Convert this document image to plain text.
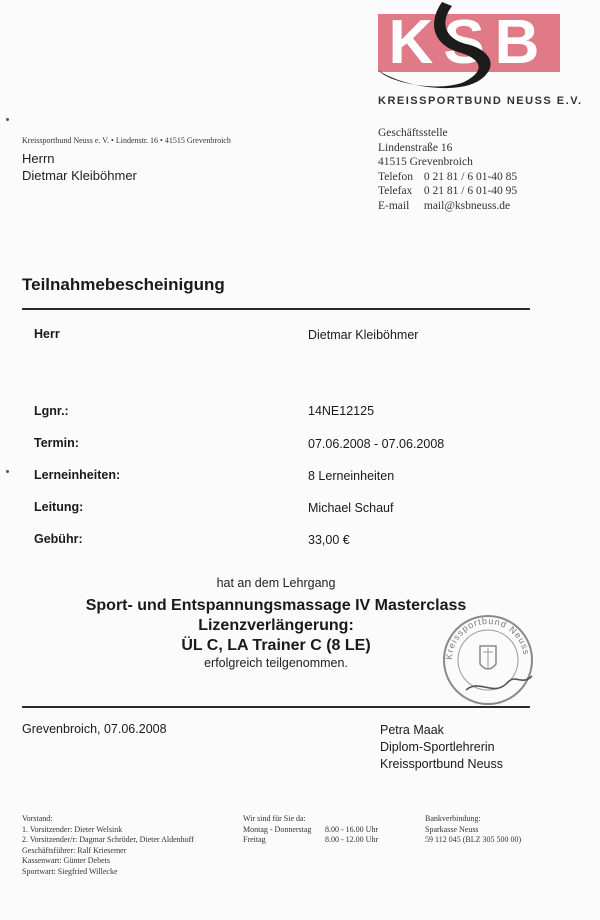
KSB
KREISSPORTBUND NEUSS E.V.
Kreissportbund Neuss e. V. • Lindenstr. 16 • 41515 Grevenbroich
Herrn
Dietmar Kleiböhmer
Geschäftsstelle
Lindenstraße 16
41515 Grevenbroich
Telefon 0 21 81 / 6 01-40 85
Telefax 0 21 81 / 6 01-40 95
E-mail mail@ksbneuss.de
Teilnahmebescheinigung
Herr	Dietmar Kleiböhmer
Lgnr.:	14NE12125
Termin:	07.06.2008 - 07.06.2008
Lerneinheiten:	8 Lerneinheiten
Leitung:	Michael Schauf
Gebühr:	33,00 €
hat an dem Lehrgang
Sport- und Entspannungsmassage IV Masterclass
Lizenzverlängerung:
ÜL C, LA Trainer C (8 LE)
erfolgreich teilgenommen.	Kreissportbund Neuss
Grevenbroich, 07.06.2008	Petra Maak
Diplom-Sportlehrerin
Kreissportbund Neuss
Vorstand:
1. Vorsitzender: Dieter Welsink
2. Vorsitzender/r: Dagmar Schröder, Dieter Aldenhoff
Geschäftsführer: Ralf Kriesemer
Kassenwart: Günter Debets
Sportwart: Siegfried Willecke
Wir sind für Sie da:
Montag - Donnerstag 8.00 - 16.00 Uhr
Freitag	8.00 - 12.00 Uhr
Bankverbindung:
Sparkasse Neuss
59 112 045 (BLZ 305 500 00)
